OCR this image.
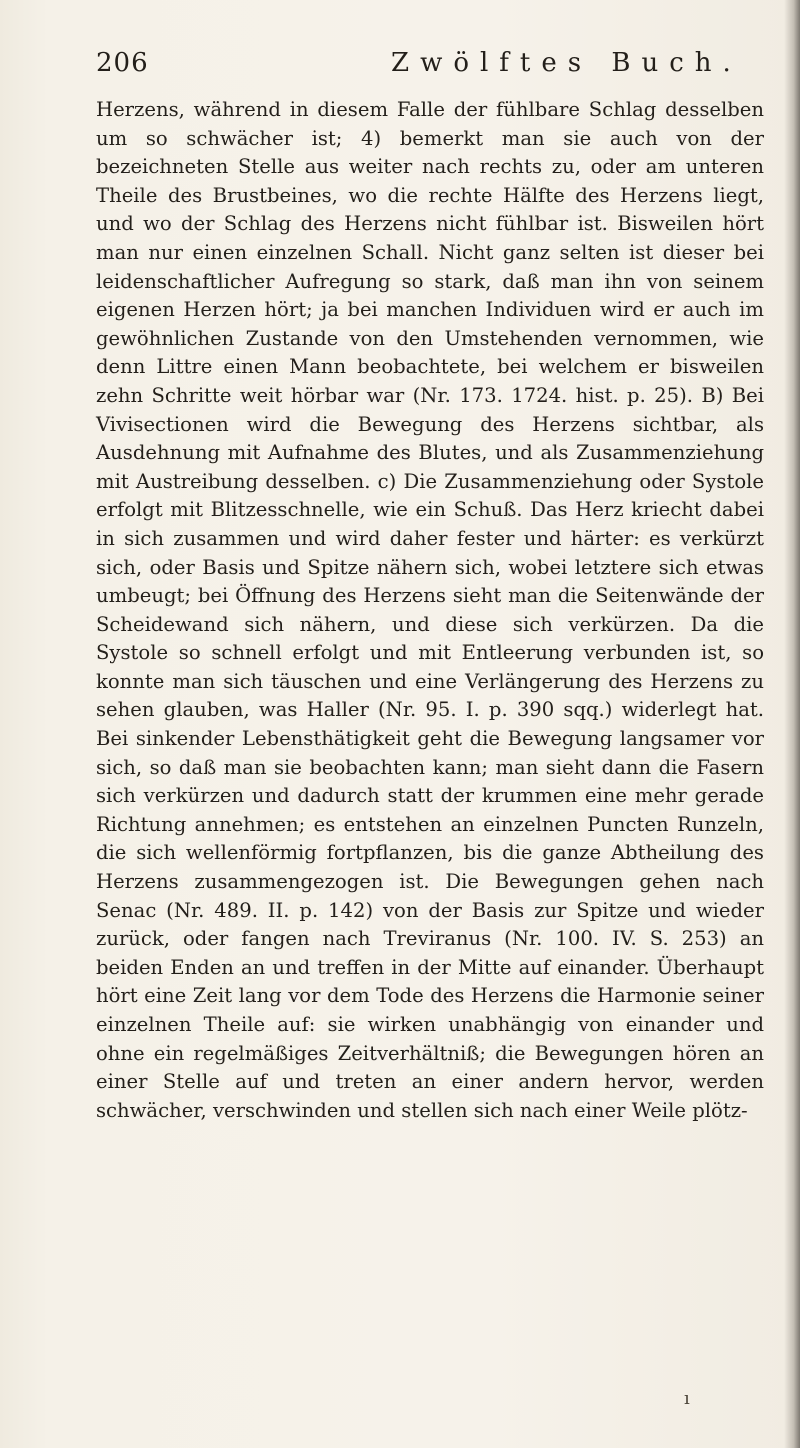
206	Zwölftes Buch.

Herzens, während in diesem Falle der fühlbare Schlag desselben um so schwächer ist; 4) bemerkt man sie auch von der bezeichneten Stelle aus weiter nach rechts zu, oder am unteren Theile des Brustbeines, wo die rechte Hälfte des Herzens liegt, und wo der Schlag des Herzens nicht fühlbar ist. Bisweilen hört man nur einen einzelnen Schall. Nicht ganz selten ist dieser bei leidenschaftlicher Aufregung so stark, daß man ihn von seinem eigenen Herzen hört; ja bei manchen Individuen wird er auch im gewöhnlichen Zustande von den Umstehenden vernommen, wie denn Littre einen Mann beobachtete, bei welchem er bisweilen zehn Schritte weit hörbar war (Nr. 173. 1724. hist. p. 25). B) Bei Vivisectionen wird die Bewegung des Herzens sichtbar, als Ausdehnung mit Aufnahme des Blutes, und als Zusammenziehung mit Austreibung desselben. c) Die Zusammenziehung oder Systole erfolgt mit Blitzesschnelle, wie ein Schuß. Das Herz kriecht dabei in sich zusammen und wird daher fester und härter: es verkürzt sich, oder Basis und Spitze nähern sich, wobei letztere sich etwas umbeugt; bei Öffnung des Herzens sieht man die Seitenwände der Scheidewand sich nähern, und diese sich verkürzen. Da die Systole so schnell erfolgt und mit Entleerung verbunden ist, so konnte man sich täuschen und eine Verlängerung des Herzens zu sehen glauben, was Haller (Nr. 95. I. p. 390 sqq.) widerlegt hat. Bei sinkender Lebensthätigkeit geht die Bewegung langsamer vor sich, so daß man sie beobachten kann; man sieht dann die Fasern sich verkürzen und dadurch statt der krummen eine mehr gerade Richtung annehmen; es entstehen an einzelnen Puncten Runzeln, die sich wellenförmig fortpflanzen, bis die ganze Abtheilung des Herzens zusammengezogen ist. Die Bewegungen gehen nach Senac (Nr. 489. II. p. 142) von der Basis zur Spitze und wieder zurück, oder fangen nach Treviranus (Nr. 100. IV. S. 253) an beiden Enden an und treffen in der Mitte auf einander. Überhaupt hört eine Zeit lang vor dem Tode des Herzens die Harmonie seiner einzelnen Theile auf: sie wirken unabhängig von einander und ohne ein regelmäßiges Zeitverhältniß; die Bewegungen hören an einer Stelle auf und treten an einer andern hervor, werden schwächer, verschwinden und stellen sich nach einer Weile plötz-

ı
